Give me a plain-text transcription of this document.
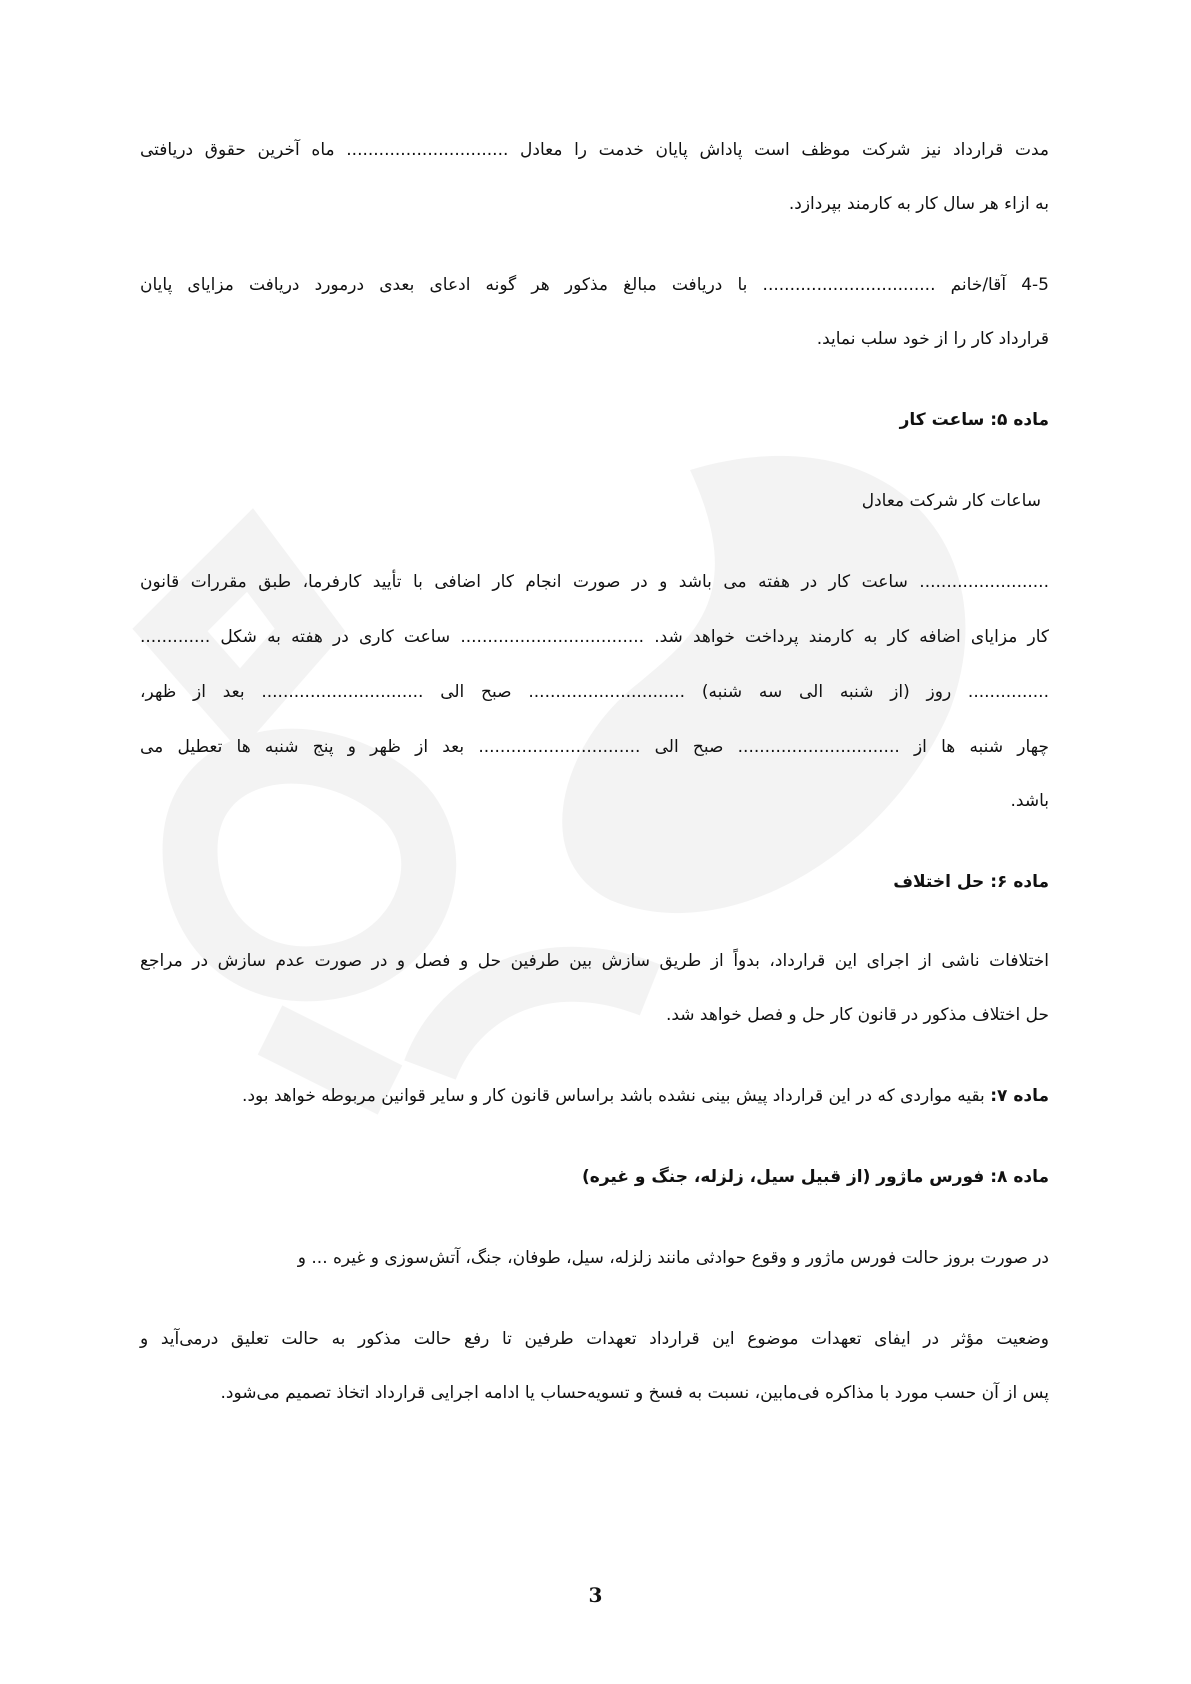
مدت قرارداد نیز شرکت موظف است پاداش پایان خدمت را معادل .............................. ماه آخرین حقوق دریافتی
به ازاء هر سال کار به کارمند بپردازد.
4-5 آقا/خانم ................................ با دریافت مبالغ مذکور هر گونه ادعای بعدی درمورد دریافت مزایای پایان
قرارداد کار را از خود سلب نماید.
ماده ۵: ساعت کار
ساعات کار شرکت معادل
........................ ساعت کار در هفته می باشد و در صورت انجام کار اضافی با تأیید کارفرما، طبق مقررات قانون
کار مزایای اضافه کار به کارمند پرداخت خواهد شد. .................................. ساعت کاری در هفته به شکل .............
............... روز (از شنبه الی سه شنبه) ............................. صبح الی .............................. بعد از ظهر،
چهار شنبه ها از .............................. صبح الی .............................. بعد از ظهر و پنج شنبه ها تعطیل می
باشد.
ماده ۶: حل اختلاف
اختلافات ناشی از اجرای این قرارداد، بدواً از طریق سازش بین طرفین حل و فصل و در صورت عدم سازش در مراجع
حل اختلاف مذکور در قانون کار حل و فصل خواهد شد.
ماده ۷: بقیه مواردی که در این قرارداد پیش بینی نشده باشد براساس قانون کار و سایر قوانین مربوطه خواهد بود.
ماده ۸: فورس ماژور (از قبیل سیل، زلزله، جنگ و غیره)
در صورت بروز حالت فورس ماژور و وقوع حوادثی مانند زلزله، سیل، طوفان، جنگ، آتش‌سوزی و غیره ... و
وضعیت مؤثر در ایفای تعهدات موضوع این قرارداد تعهدات طرفین تا رفع حالت مذکور به حالت تعلیق درمی‌آید و
پس از آن حسب مورد با مذاکره فی‌مابین، نسبت به فسخ و تسویه‌حساب یا ادامه اجرایی قرارداد اتخاذ تصمیم می‌شود.
3
